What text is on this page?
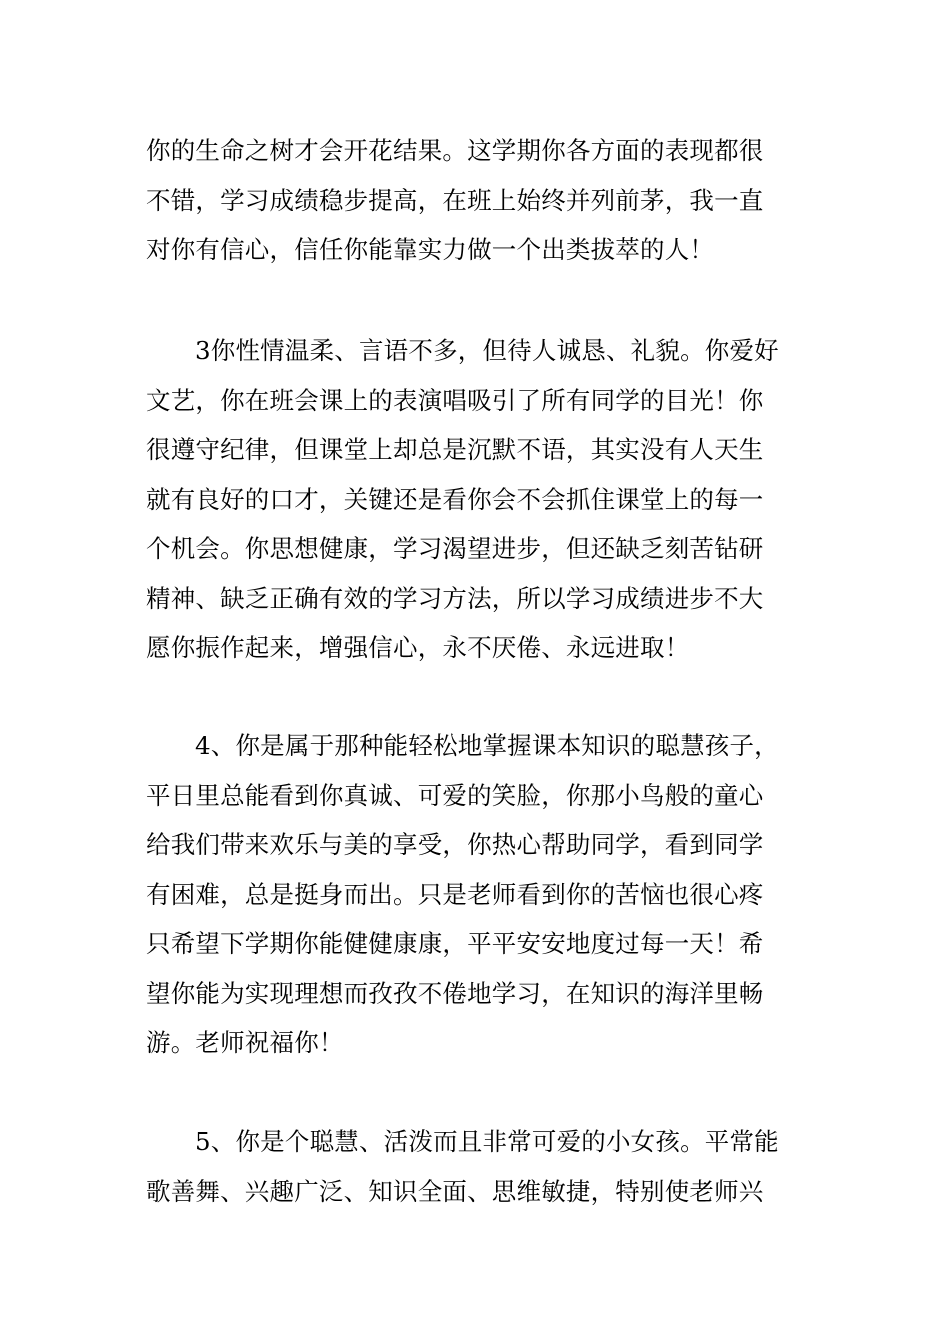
你的生命之树才会开花结果。这学期你各方面的表现都很
不错，学习成绩稳步提高，在班上始终并列前茅，我一直
对你有信心，信任你能靠实力做一个出类拔萃的人！
3你性情温柔、言语不多，但待人诚恳、礼貌。你爱好
文艺，你在班会课上的表演唱吸引了所有同学的目光！你
很遵守纪律，但课堂上却总是沉默不语，其实没有人天生
就有良好的口才，关键还是看你会不会抓住课堂上的每一
个机会。你思想健康，学习渴望进步，但还缺乏刻苦钻研
精神、缺乏正确有效的学习方法，所以学习成绩进步不大
愿你振作起来，增强信心，永不厌倦、永远进取！
4、你是属于那种能轻松地掌握课本知识的聪慧孩子，
平日里总能看到你真诚、可爱的笑脸，你那小鸟般的童心
给我们带来欢乐与美的享受，你热心帮助同学，看到同学
有困难，总是挺身而出。只是老师看到你的苦恼也很心疼
只希望下学期你能健健康康，平平安安地度过每一天！希
望你能为实现理想而孜孜不倦地学习，在知识的海洋里畅
游。老师祝福你！
5、你是个聪慧、活泼而且非常可爱的小女孩。平常能
歌善舞、兴趣广泛、知识全面、思维敏捷，特别使老师兴
